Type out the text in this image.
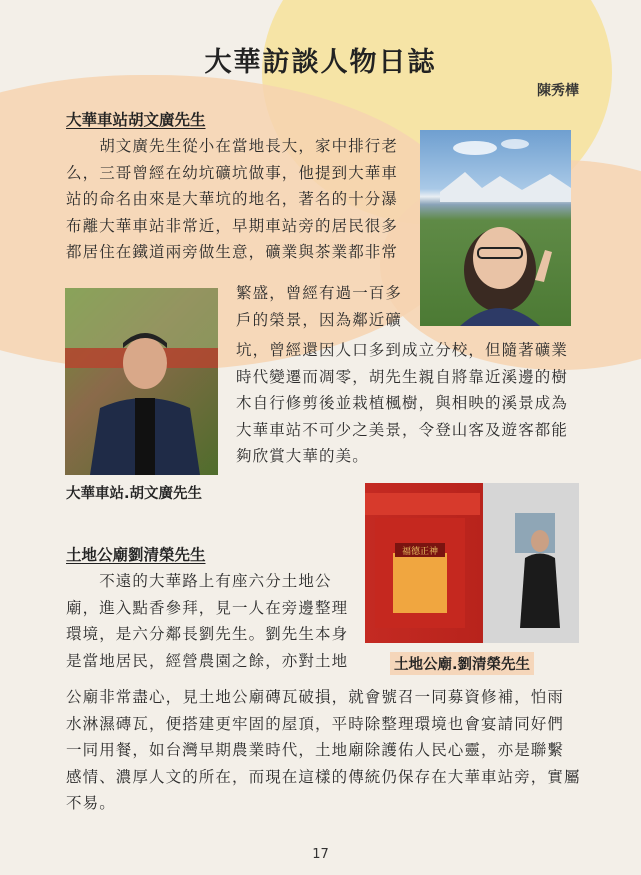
大華訪談人物日誌
陳秀樺
大華車站胡文廣先生
　　胡文廣先生從小在當地長大，家中排行老
么，三哥曾經在幼坑礦坑做事，他提到大華車
站的命名由來是大華坑的地名，著名的十分瀑
布離大華車站非常近，早期車站旁的居民很多
都居住在鐵道兩旁做生意，礦業與茶業都非常
繁盛，曾經有過一百多
戶的榮景，因為鄰近礦
坑，曾經還因人口多到成立分校，但隨著礦業
時代變遷而凋零，胡先生親自將靠近溪邊的樹
木自行修剪後並栽植楓樹，與相映的溪景成為
大華車站不可少之美景，令登山客及遊客都能
夠欣賞大華的美。
大華車站.胡文廣先生
土地公廟劉清榮先生
　　不遠的大華路上有座六分土地公
廟，進入點香參拜，見一人在旁邊整理
環境，是六分鄰長劉先生。劉先生本身
是當地居民，經營農園之餘，亦對土地
公廟非常盡心，見土地公廟磚瓦破損，就會號召一同募資修補，怕雨
水淋濕磚瓦，便搭建更牢固的屋頂，平時除整理環境也會宴請同好們
一同用餐，如台灣早期農業時代，土地廟除護佑人民心靈，亦是聯繫
感情、濃厚人文的所在，而現在這樣的傳統仍保存在大華車站旁，實屬
不易。
福德正神
土地公廟.劉清榮先生
17
